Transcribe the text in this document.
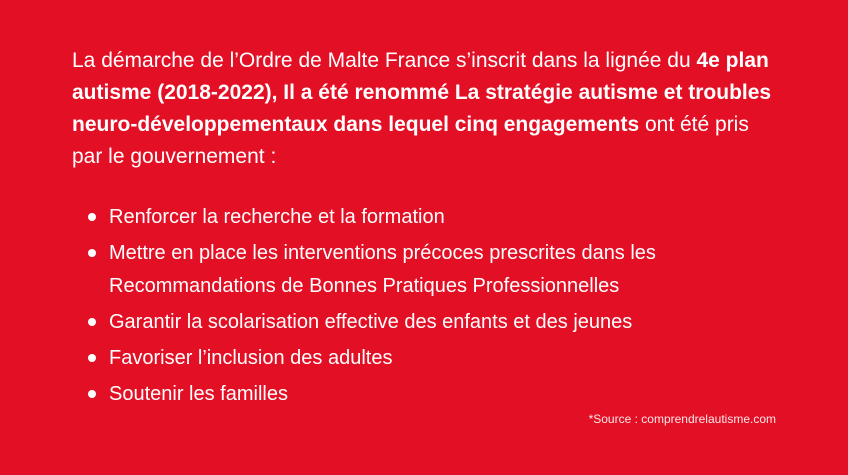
La démarche de l’Ordre de Malte France s’inscrit dans la lignée du 4e plan autisme (2018-2022), Il a été renommé La stratégie autisme et troubles neuro-développementaux dans lequel cinq engagements ont été pris par le gouvernement :

Renforcer la recherche et la formation
Mettre en place les interventions précoces prescrites dans les Recommandations de Bonnes Pratiques Professionnelles
Garantir la scolarisation effective des enfants et des jeunes
Favoriser l’inclusion des adultes
Soutenir les familles
*Source : comprendrelautisme.com
